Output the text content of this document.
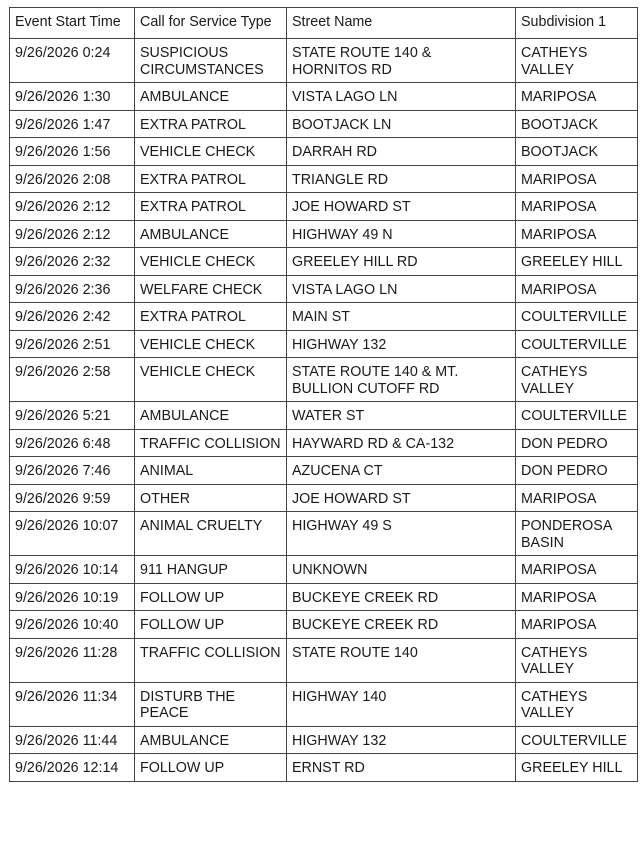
Event Start Time	Call for Service Type	Street Name	Subdivision 1
9/26/2026 0:24	SUSPICIOUS CIRCUMSTANCES	STATE ROUTE 140 & HORNITOS RD	CATHEYS VALLEY
9/26/2026 1:30	AMBULANCE	VISTA LAGO LN	MARIPOSA
9/26/2026 1:47	EXTRA PATROL	BOOTJACK LN	BOOTJACK
9/26/2026 1:56	VEHICLE CHECK	DARRAH RD	BOOTJACK
9/26/2026 2:08	EXTRA PATROL	TRIANGLE RD	MARIPOSA
9/26/2026 2:12	EXTRA PATROL	JOE HOWARD ST	MARIPOSA
9/26/2026 2:12	AMBULANCE	HIGHWAY 49 N	MARIPOSA
9/26/2026 2:32	VEHICLE CHECK	GREELEY HILL RD	GREELEY HILL
9/26/2026 2:36	WELFARE CHECK	VISTA LAGO LN	MARIPOSA
9/26/2026 2:42	EXTRA PATROL	MAIN ST	COULTERVILLE
9/26/2026 2:51	VEHICLE CHECK	HIGHWAY 132	COULTERVILLE
9/26/2026 2:58	VEHICLE CHECK	STATE ROUTE 140 & MT. BULLION CUTOFF RD	CATHEYS VALLEY
9/26/2026 5:21	AMBULANCE	WATER ST	COULTERVILLE
9/26/2026 6:48	TRAFFIC COLLISION	HAYWARD RD & CA-132	DON PEDRO
9/26/2026 7:46	ANIMAL	AZUCENA CT	DON PEDRO
9/26/2026 9:59	OTHER	JOE HOWARD ST	MARIPOSA
9/26/2026 10:07	ANIMAL CRUELTY	HIGHWAY 49 S	PONDEROSA BASIN
9/26/2026 10:14	911 HANGUP	UNKNOWN	MARIPOSA
9/26/2026 10:19	FOLLOW UP	BUCKEYE CREEK RD	MARIPOSA
9/26/2026 10:40	FOLLOW UP	BUCKEYE CREEK RD	MARIPOSA
9/26/2026 11:28	TRAFFIC COLLISION	STATE ROUTE 140	CATHEYS VALLEY
9/26/2026 11:34	DISTURB THE PEACE	HIGHWAY 140	CATHEYS VALLEY
9/26/2026 11:44	AMBULANCE	HIGHWAY 132	COULTERVILLE
9/26/2026 12:14	FOLLOW UP	ERNST RD	GREELEY HILL
